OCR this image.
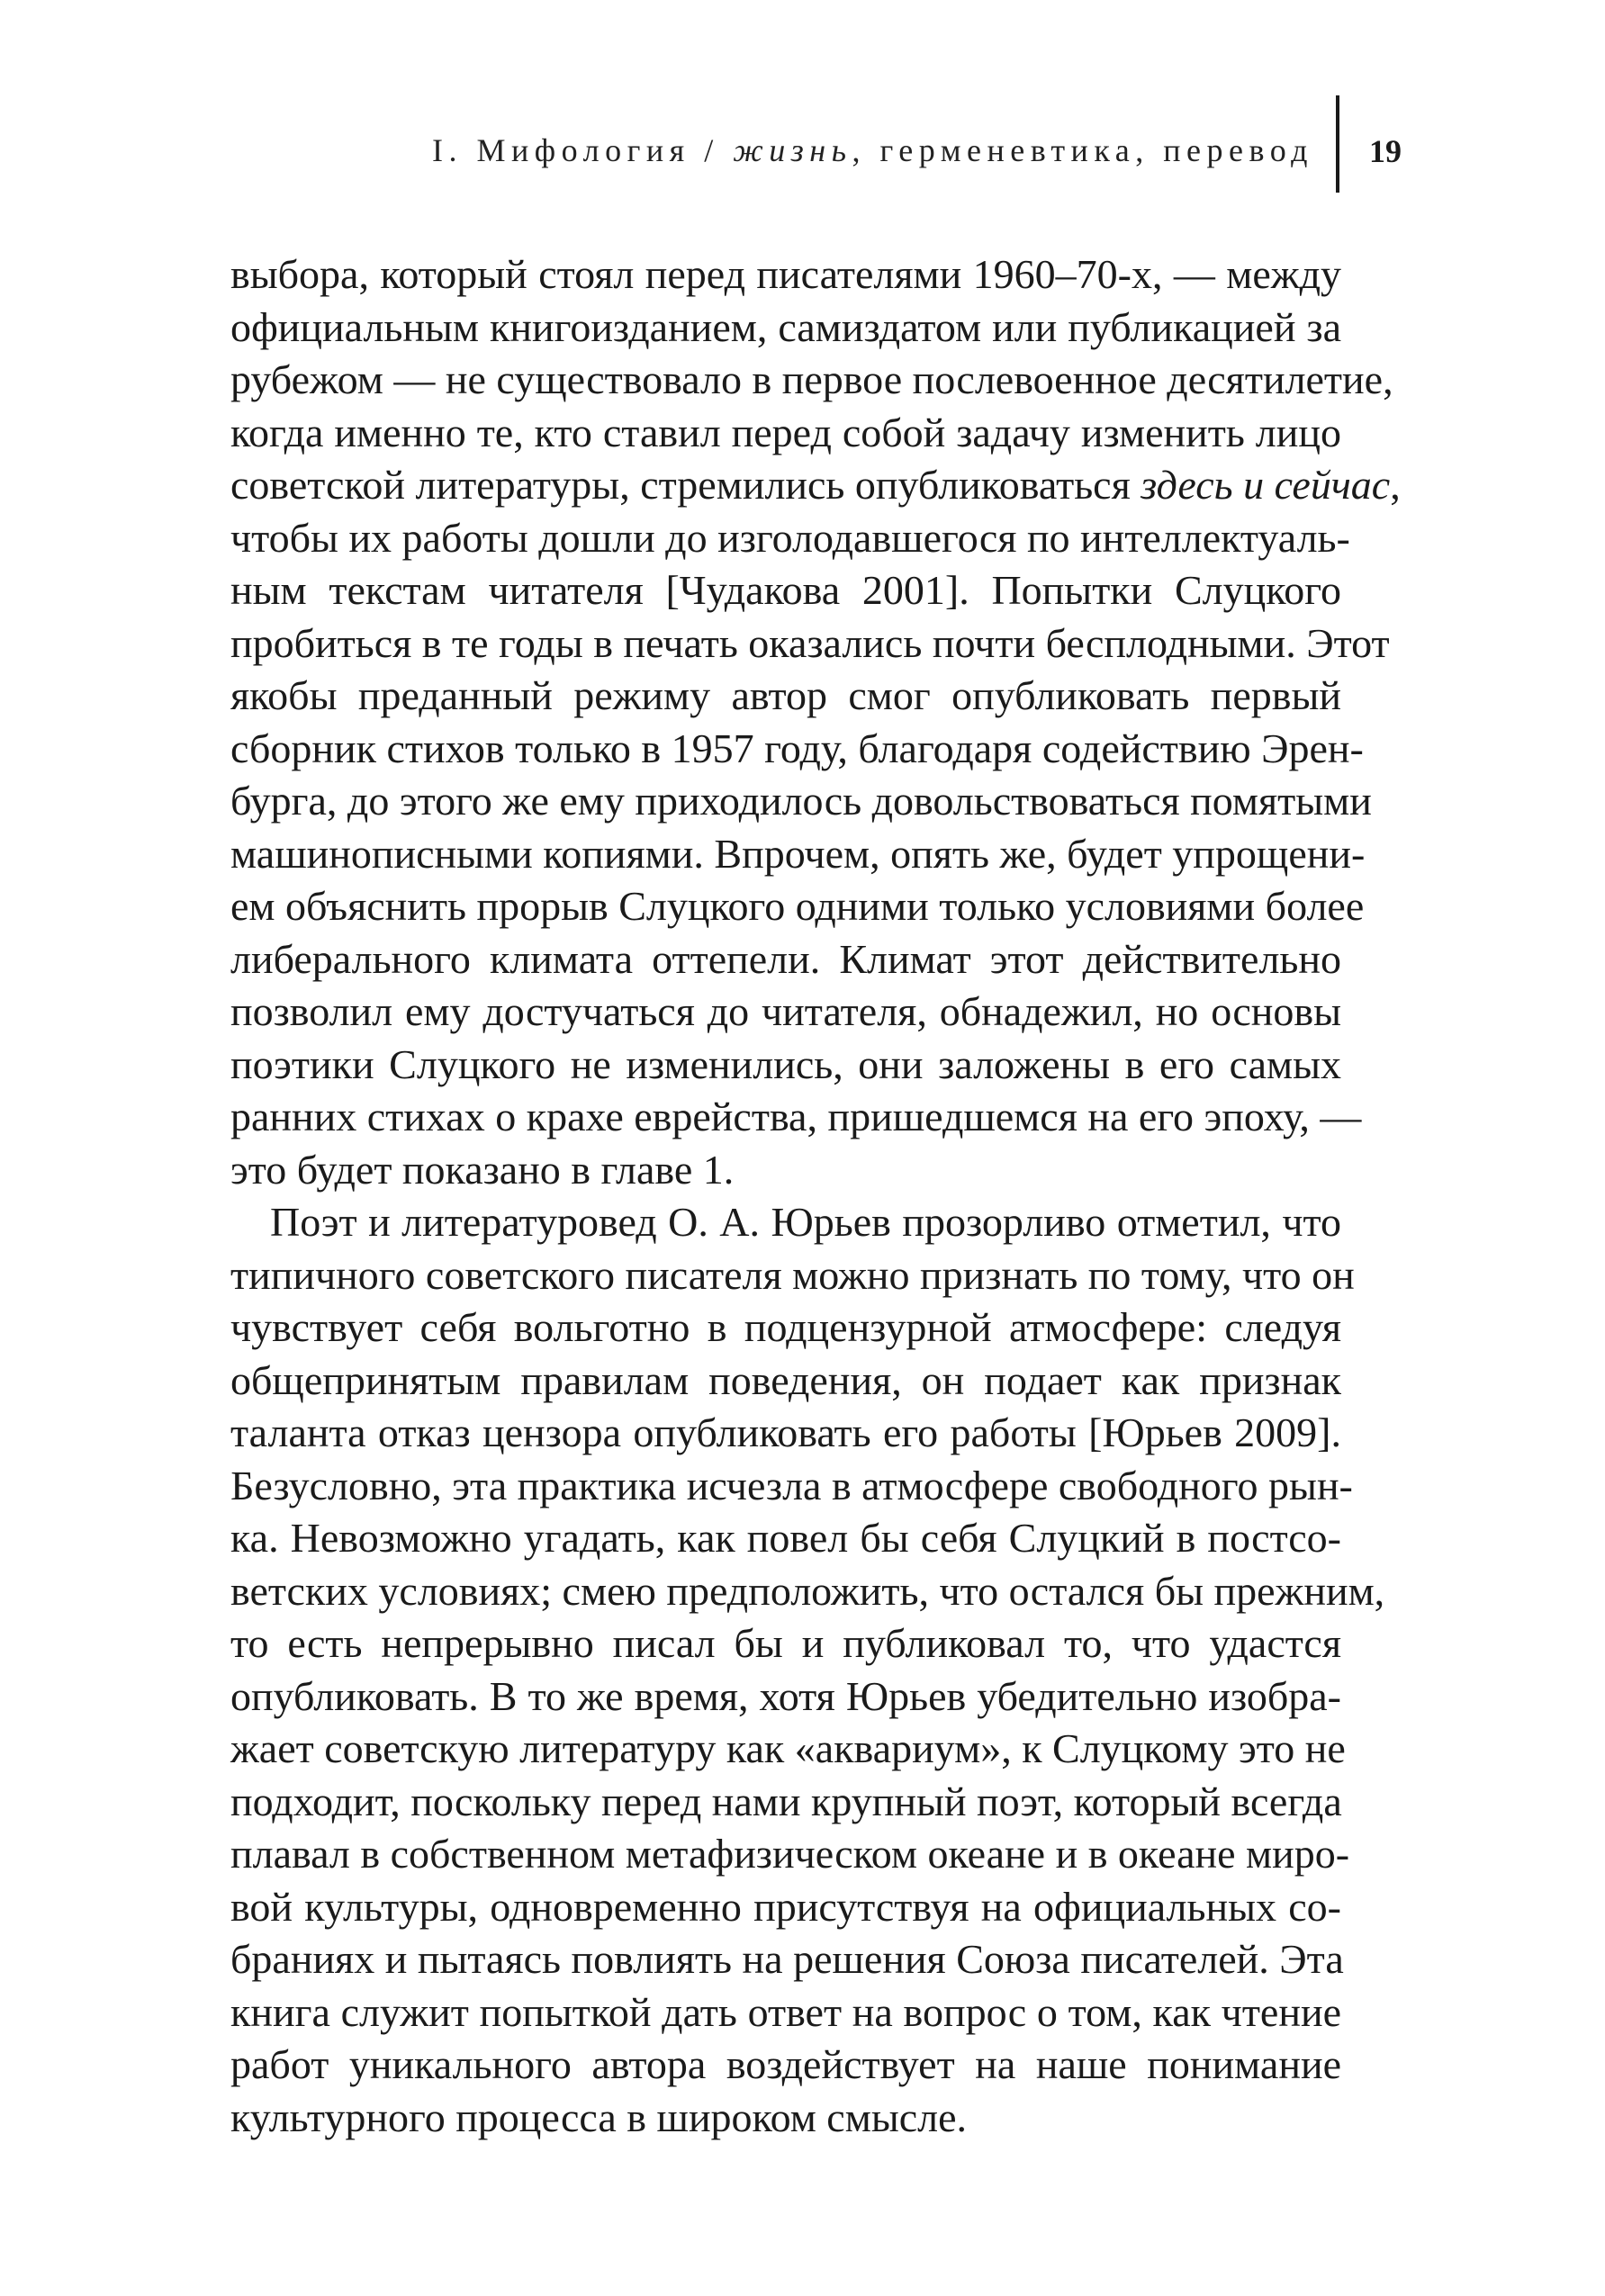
I. Мифология / жизнь, герменевтика, перевод 19
выбора, который стоял перед писателями 1960–70-х, — между
официальным книгоизданием, самиздатом или публикацией за
рубежом — не существовало в первое послевоенное десятилетие,
когда именно те, кто ставил перед собой задачу изменить лицо
советской литературы, стремились опубликоваться здесь и сейчас,
чтобы их работы дошли до изголодавшегося по интеллектуаль-
ным текстам читателя [Чудакова 2001]. Попытки Слуцкого
пробиться в те годы в печать оказались почти бесплодными. Этот
якобы преданный режиму автор смог опубликовать первый
сборник стихов только в 1957 году, благодаря содействию Эрен-
бурга, до этого же ему приходилось довольствоваться помятыми
машинописными копиями. Впрочем, опять же, будет упрощени-
ем объяснить прорыв Слуцкого одними только условиями более
либерального климата оттепели. Климат этот действительно
позволил ему достучаться до читателя, обнадежил, но основы
поэтики Слуцкого не изменились, они заложены в его самых
ранних стихах о крахе еврейства, пришедшемся на его эпоху, —
это будет показано в главе 1.
Поэт и литературовед О. А. Юрьев прозорливо отметил, что
типичного советского писателя можно признать по тому, что он
чувствует себя вольготно в подцензурной атмосфере: следуя
общепринятым правилам поведения, он подает как признак
таланта отказ цензора опубликовать его работы [Юрьев 2009].
Безусловно, эта практика исчезла в атмосфере свободного рын-
ка. Невозможно угадать, как повел бы себя Слуцкий в постсо-
ветских условиях; смею предположить, что остался бы прежним,
то есть непрерывно писал бы и публиковал то, что удастся
опубликовать. В то же время, хотя Юрьев убедительно изобра-
жает советскую литературу как «аквариум», к Слуцкому это не
подходит, поскольку перед нами крупный поэт, который всегда
плавал в собственном метафизическом океане и в океане миро-
вой культуры, одновременно присутствуя на официальных со-
браниях и пытаясь повлиять на решения Союза писателей. Эта
книга служит попыткой дать ответ на вопрос о том, как чтение
работ уникального автора воздействует на наше понимание
культурного процесса в широком смысле.
